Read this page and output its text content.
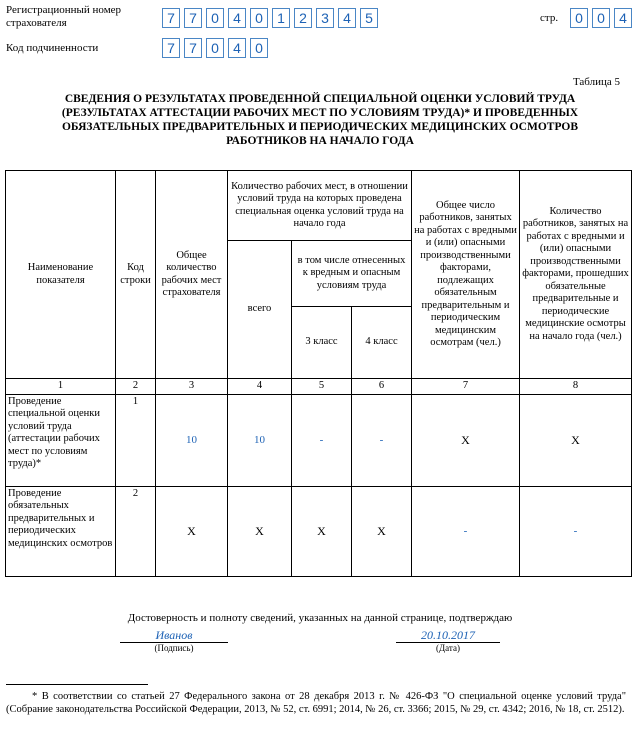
Регистрационный номер страхователя	7	7	0	4	0	1	2	3	4	5	стр.	0	0	4
Код подчиненности	7	7	0	4	0
Таблица 5
СВЕДЕНИЯ О РЕЗУЛЬТАТАХ ПРОВЕДЕННОЙ СПЕЦИАЛЬНОЙ ОЦЕНКИ УСЛОВИЙ ТРУДА (РЕЗУЛЬТАТАХ АТТЕСТАЦИИ РАБОЧИХ МЕСТ ПО УСЛОВИЯМ ТРУДА)* И ПРОВЕДЕННЫХ ОБЯЗАТЕЛЬНЫХ ПРЕДВАРИТЕЛЬНЫХ И ПЕРИОДИЧЕСКИХ МЕДИЦИНСКИХ ОСМОТРОВ РАБОТНИКОВ НА НАЧАЛО ГОДА
Наименование показателя	Код строки	Общее количество рабочих мест страхователя	Количество рабочих мест, в отношении условий труда на которых проведена специальная оценка условий труда на начало года			Общее число работников, занятых на работах с вредными и (или) опасными производственными факторами, подлежащих обязательным предварительным и периодическим медицинским осмотрам (чел.)	Количество работников, занятых на работах с вредными и (или) опасными производственными факторами, прошедших обязательные предварительные и периодические медицинские осмотры на начало года (чел.)
			всего	в том числе отнесенных к вредным и опасным условиям труда			
				3 класс	4 класс		
1	2	3	4	5	6	7	8
Проведение специальной оценки условий труда (аттестации рабочих мест по условиям труда)*	1	10	10	-	-	X	X
Проведение обязательных предварительных и периодических медицинских осмотров	2	X	X	X	X	-	-
Достоверность и полноту сведений, указанных на данной странице, подтверждаю
Иванов
(Подпись)
20.10.2017
(Дата)
* В соответствии со статьей 27 Федерального закона от 28 декабря 2013 г. № 426-ФЗ "О специальной оценке условий труда" (Собрание законодательства Российской Федерации, 2013, № 52, ст. 6991; 2014, № 26, ст. 3366; 2015, № 29, ст. 4342; 2016, № 18, ст. 2512).
